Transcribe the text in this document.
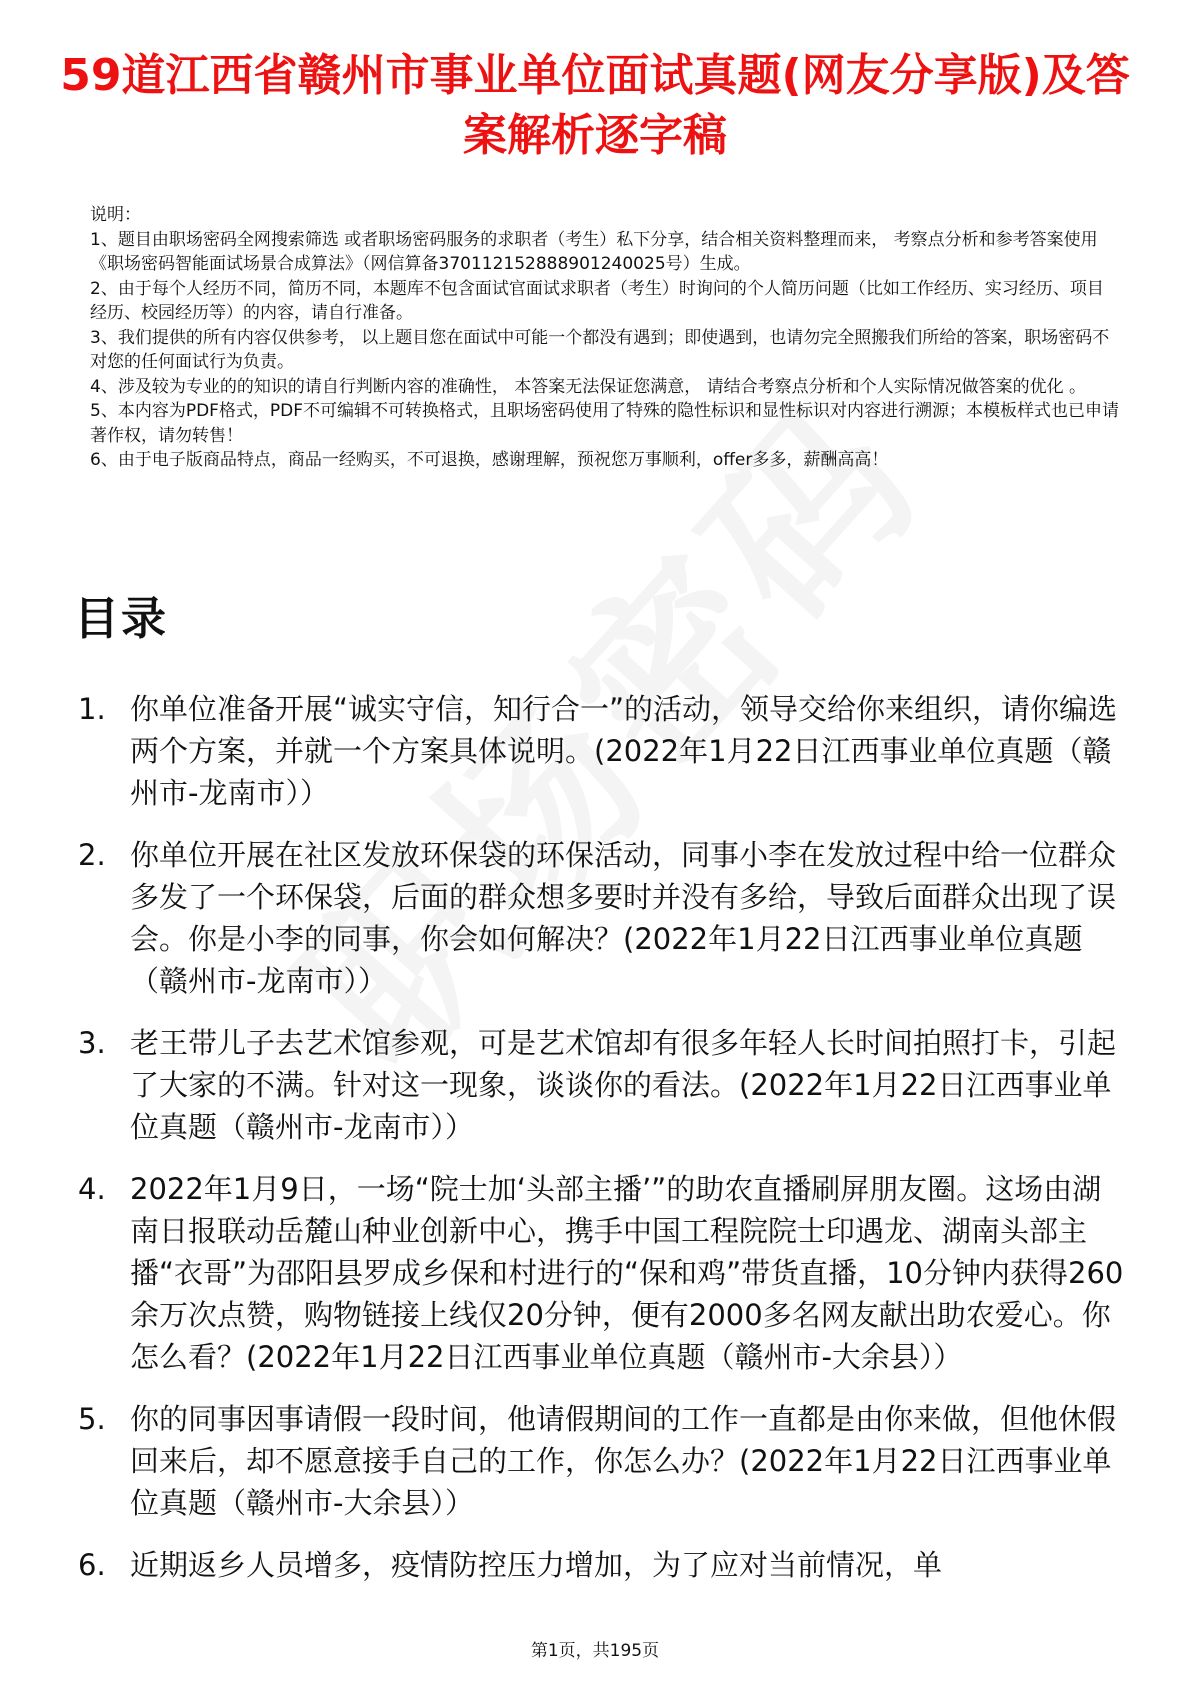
59道江西省赣州市事业单位面试真题(网友分享版)及答案解析逐字稿

说明：

1、题目由职场密码全网搜索筛选 或者职场密码服务的求职者（考生）私下分享，结合相关资料整理而来， 考察点分析和参考答案使用《职场密码智能面试场景合成算法》（网信算备370112152888901240025号）生成。

2、由于每个人经历不同，简历不同，本题库不包含面试官面试求职者（考生）时询问的个人简历问题（比如工作经历、实习经历、项目经历、校园经历等）的内容，请自行准备。

3、我们提供的所有内容仅供参考， 以上题目您在面试中可能一个都没有遇到；即使遇到，也请勿完全照搬我们所给的答案，职场密码不对您的任何面试行为负责。

4、涉及较为专业的的知识的请自行判断内容的准确性， 本答案无法保证您满意， 请结合考察点分析和个人实际情况做答案的优化 。

5、本内容为PDF格式，PDF不可编辑不可转换格式，且职场密码使用了特殊的隐性标识和显性标识对内容进行溯源；本模板样式也已申请著作权，请勿转售！

6、由于电子版商品特点，商品一经购买，不可退换，感谢理解，预祝您万事顺利，offer多多，薪酬高高！

目录
1. 你单位准备开展“诚实守信，知行合一”的活动，领导交给你来组织，请你编选两个方案，并就一个方案具体说明。(2022年1月22日江西事业单位真题（赣州市-龙南市））
2. 你单位开展在社区发放环保袋的环保活动，同事小李在发放过程中给一位群众多发了一个环保袋，后面的群众想多要时并没有多给，导致后面群众出现了误会。你是小李的同事，你会如何解决？(2022年1月22日江西事业单位真题（赣州市-龙南市））
3. 老王带儿子去艺术馆参观，可是艺术馆却有很多年轻人长时间拍照打卡，引起了大家的不满。针对这一现象，谈谈你的看法。(2022年1月22日江西事业单位真题（赣州市-龙南市））
4. 2022年1月9日，一场“院士加‘头部主播’”的助农直播刷屏朋友圈。这场由湖南日报联动岳麓山种业创新中心，携手中国工程院院士印遇龙、湖南头部主播“衣哥”为邵阳县罗成乡保和村进行的“保和鸡”带货直播，10分钟内获得260余万次点赞，购物链接上线仅20分钟，便有2000多名网友献出助农爱心。你怎么看？(2022年1月22日江西事业单位真题（赣州市-大余县））
5. 你的同事因事请假一段时间，他请假期间的工作一直都是由你来做，但他休假回来后，却不愿意接手自己的工作，你怎么办？(2022年1月22日江西事业单位真题（赣州市-大余县））
6. 近期返乡人员增多，疫情防控压力增加，为了应对当前情况，单
第1页，共195页
